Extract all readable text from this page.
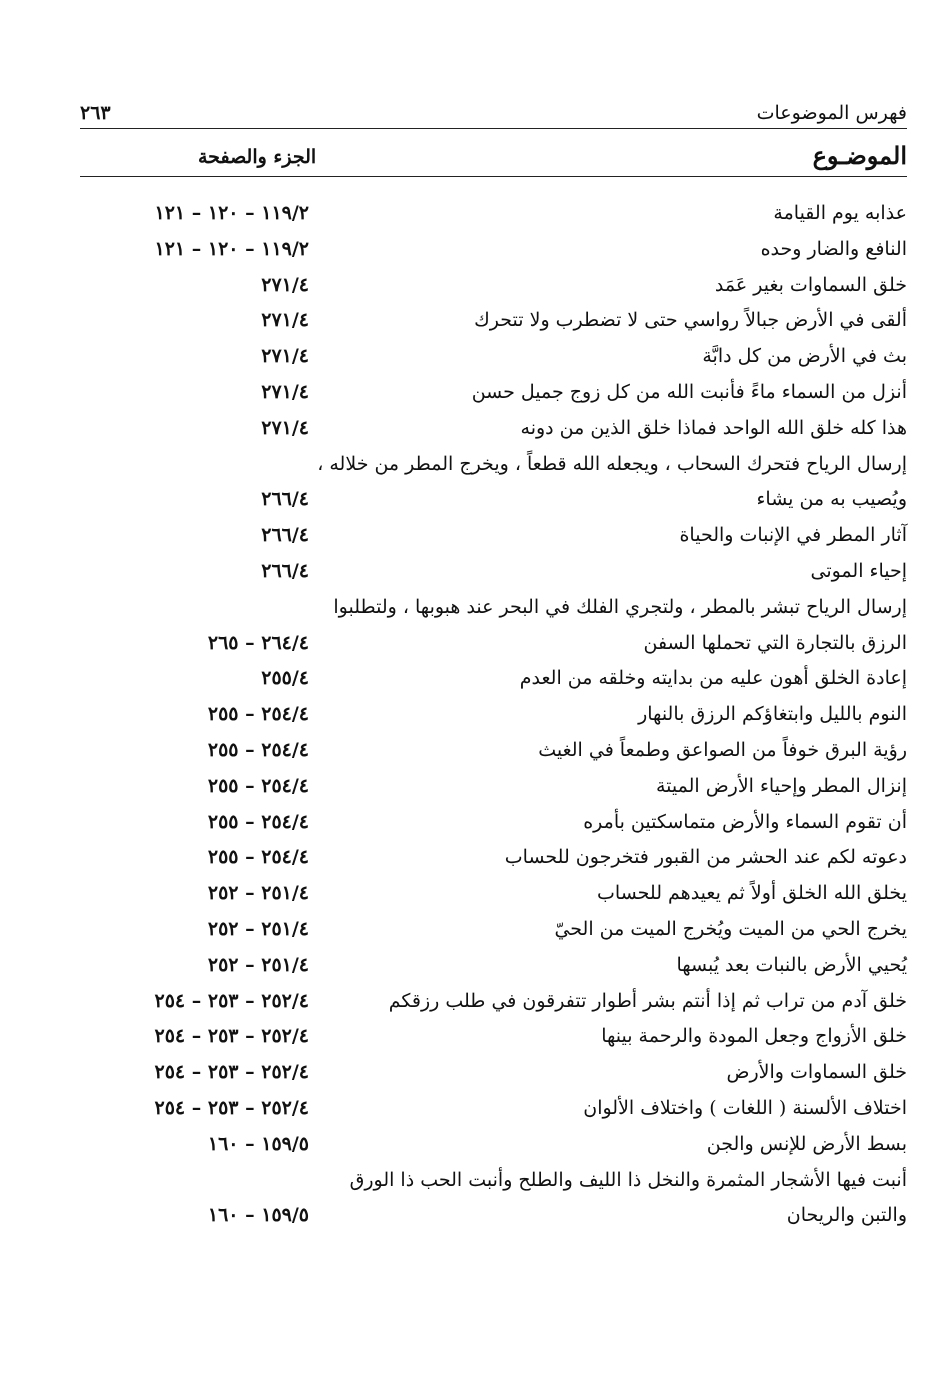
فهرس الموضوعات
٢٦٣
الموضـوع
الجزء والصفحة
عذابه يوم القيامة
١١٩/٢ – ١٢٠ – ١٢١
النافع والضار وحده
١١٩/٢ – ١٢٠ – ١٢١
خلق السماوات بغير عَمَد
٢٧١/٤
ألقى في الأرض جبالاً رواسي حتى لا تضطرب ولا تتحرك
٢٧١/٤
بث في الأرض من كل دابَّة
٢٧١/٤
أنزل من السماء ماءً فأنبت الله من كل زوج جميل حسن
٢٧١/٤
هذا كله خلق الله الواحد فماذا خلق الذين من دونه
٢٧١/٤
إرسال الرياح فتحرك السحاب ، ويجعله الله قطعاً ، ويخرج المطر من خلاله ،
ويُصيب به من يشاء
٢٦٦/٤
آثار المطر في الإنبات والحياة
٢٦٦/٤
إحياء الموتى
٢٦٦/٤
إرسال الرياح تبشر بالمطر ، ولتجري الفلك في البحر عند هبوبها ، ولتطلبوا
الرزق بالتجارة التي تحملها السفن
٢٦٤/٤ – ٢٦٥
إعادة الخلق أهون عليه من بدايته وخلقه من العدم
٢٥٥/٤
النوم بالليل وابتغاؤكم الرزق بالنهار
٢٥٤/٤ – ٢٥٥
رؤية البرق خوفاً من الصواعق وطمعاً في الغيث
٢٥٤/٤ – ٢٥٥
إنزال المطر وإحياء الأرض الميتة
٢٥٤/٤ – ٢٥٥
أن تقوم السماء والأرض متماسكتين بأمره
٢٥٤/٤ – ٢٥٥
دعوته لكم عند الحشر من القبور فتخرجون للحساب
٢٥٤/٤ – ٢٥٥
يخلق الله الخلق أولاً ثم يعيدهم للحساب
٢٥١/٤ – ٢٥٢
يخرج الحي من الميت ويُخرج الميت من الحيّ
٢٥١/٤ – ٢٥٢
يُحيي الأرض بالنبات بعد يُبسها
٢٥١/٤ – ٢٥٢
خلق آدم من تراب ثم إذا أنتم بشر أطوار تتفرقون في طلب رزقكم
٢٥٢/٤ – ٢٥٣ – ٢٥٤
خلق الأزواج وجعل المودة والرحمة بينها
٢٥٢/٤ – ٢٥٣ – ٢٥٤
خلق السماوات والأرض
٢٥٢/٤ – ٢٥٣ – ٢٥٤
اختلاف الألسنة ( اللغات ) واختلاف الألوان
٢٥٢/٤ – ٢٥٣ – ٢٥٤
بسط الأرض للإنس والجن
١٥٩/٥ – ١٦٠
أنبت فيها الأشجار المثمرة والنخل ذا الليف والطلح وأنبت الحب ذا الورق
والتبن والريحان
١٥٩/٥ – ١٦٠
